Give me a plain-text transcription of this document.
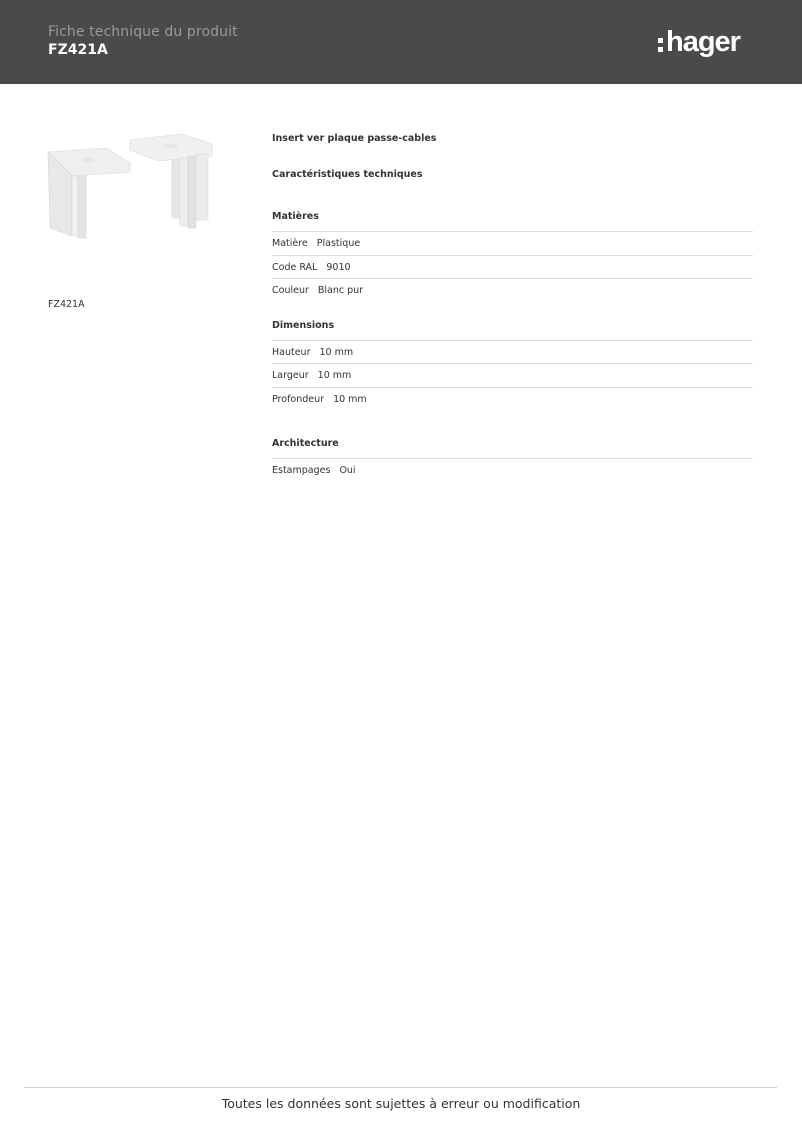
Fiche technique du produit
FZ421A	hager
FZ421A
Insert ver plaque passe-cables
Caractéristiques techniques
Matières
Matière Plastique
Code RAL 9010
Couleur Blanc pur
Dimensions
Hauteur 10 mm
Largeur 10 mm
Profondeur 10 mm
Architecture
Estampages Oui
Toutes les données sont sujettes à erreur ou modification
